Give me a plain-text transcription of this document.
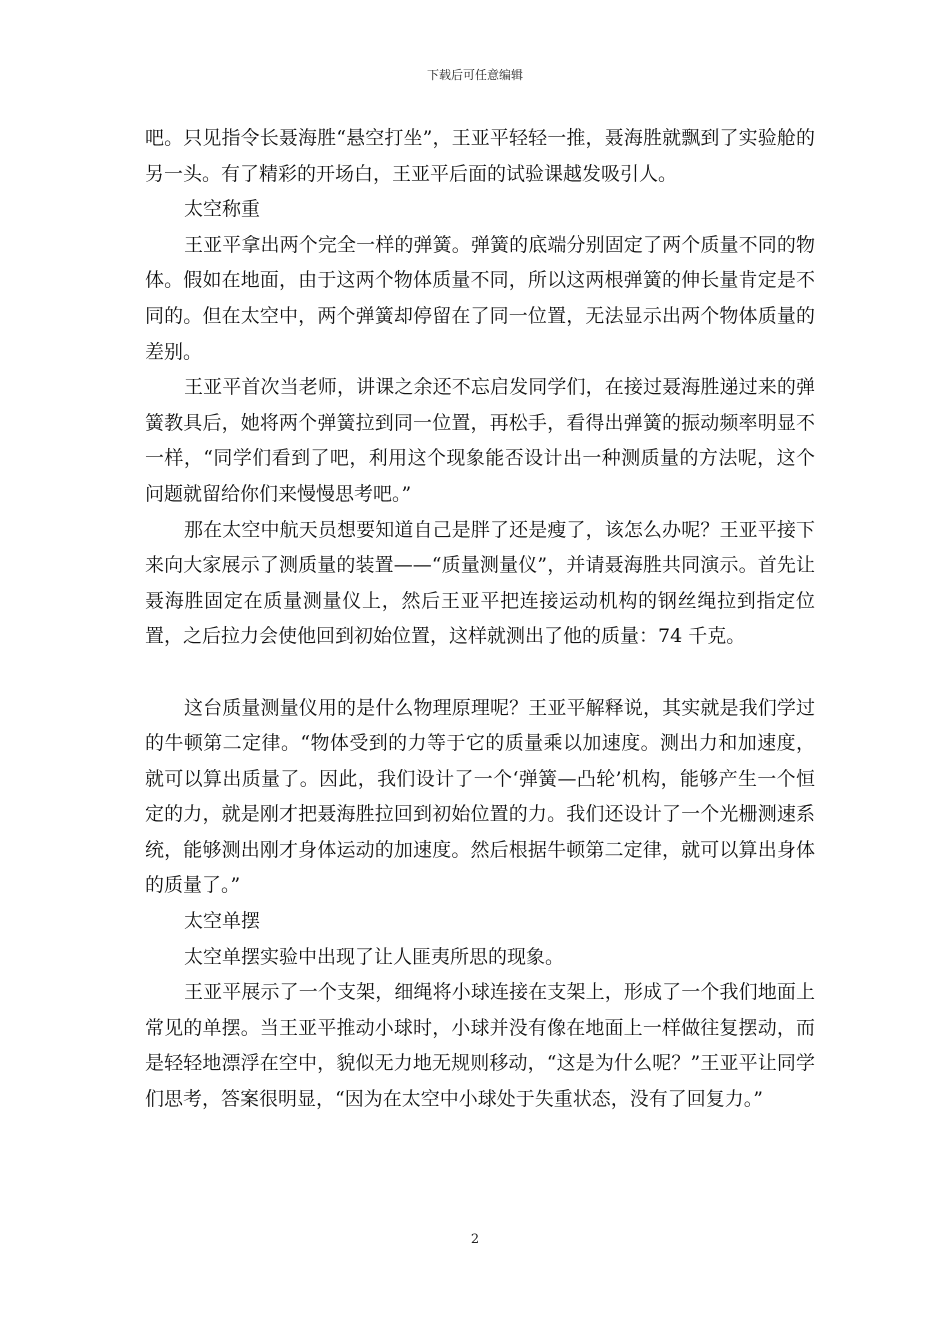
下载后可任意编辑

吧。只见指令长聂海胜“悬空打坐”，王亚平轻轻一推，聂海胜就飘到了实验舱的另一头。有了精彩的开场白，王亚平后面的试验课越发吸引人。

太空称重

王亚平拿出两个完全一样的弹簧。弹簧的底端分别固定了两个质量不同的物体。假如在地面，由于这两个物体质量不同，所以这两根弹簧的伸长量肯定是不同的。但在太空中，两个弹簧却停留在了同一位置，无法显示出两个物体质量的差别。

王亚平首次当老师，讲课之余还不忘启发同学们，在接过聂海胜递过来的弹簧教具后，她将两个弹簧拉到同一位置，再松手，看得出弹簧的振动频率明显不一样，“同学们看到了吧，利用这个现象能否设计出一种测质量的方法呢，这个问题就留给你们来慢慢思考吧。”

那在太空中航天员想要知道自己是胖了还是瘦了，该怎么办呢？王亚平接下来向大家展示了测质量的装置——“质量测量仪”，并请聂海胜共同演示。首先让聂海胜固定在质量测量仪上，然后王亚平把连接运动机构的钢丝绳拉到指定位置，之后拉力会使他回到初始位置，这样就测出了他的质量：74 千克。

这台质量测量仪用的是什么物理原理呢？王亚平解释说，其实就是我们学过的牛顿第二定律。“物体受到的力等于它的质量乘以加速度。测出力和加速度，就可以算出质量了。因此，我们设计了一个‘弹簧—凸轮’机构，能够产生一个恒定的力，就是刚才把聂海胜拉回到初始位置的力。我们还设计了一个光栅测速系统，能够测出刚才身体运动的加速度。然后根据牛顿第二定律，就可以算出身体的质量了。”

太空单摆

太空单摆实验中出现了让人匪夷所思的现象。

王亚平展示了一个支架，细绳将小球连接在支架上，形成了一个我们地面上常见的单摆。当王亚平推动小球时，小球并没有像在地面上一样做往复摆动，而是轻轻地漂浮在空中，貌似无力地无规则移动，“这是为什么呢？”王亚平让同学们思考，答案很明显，“因为在太空中小球处于失重状态，没有了回复力。”

2
